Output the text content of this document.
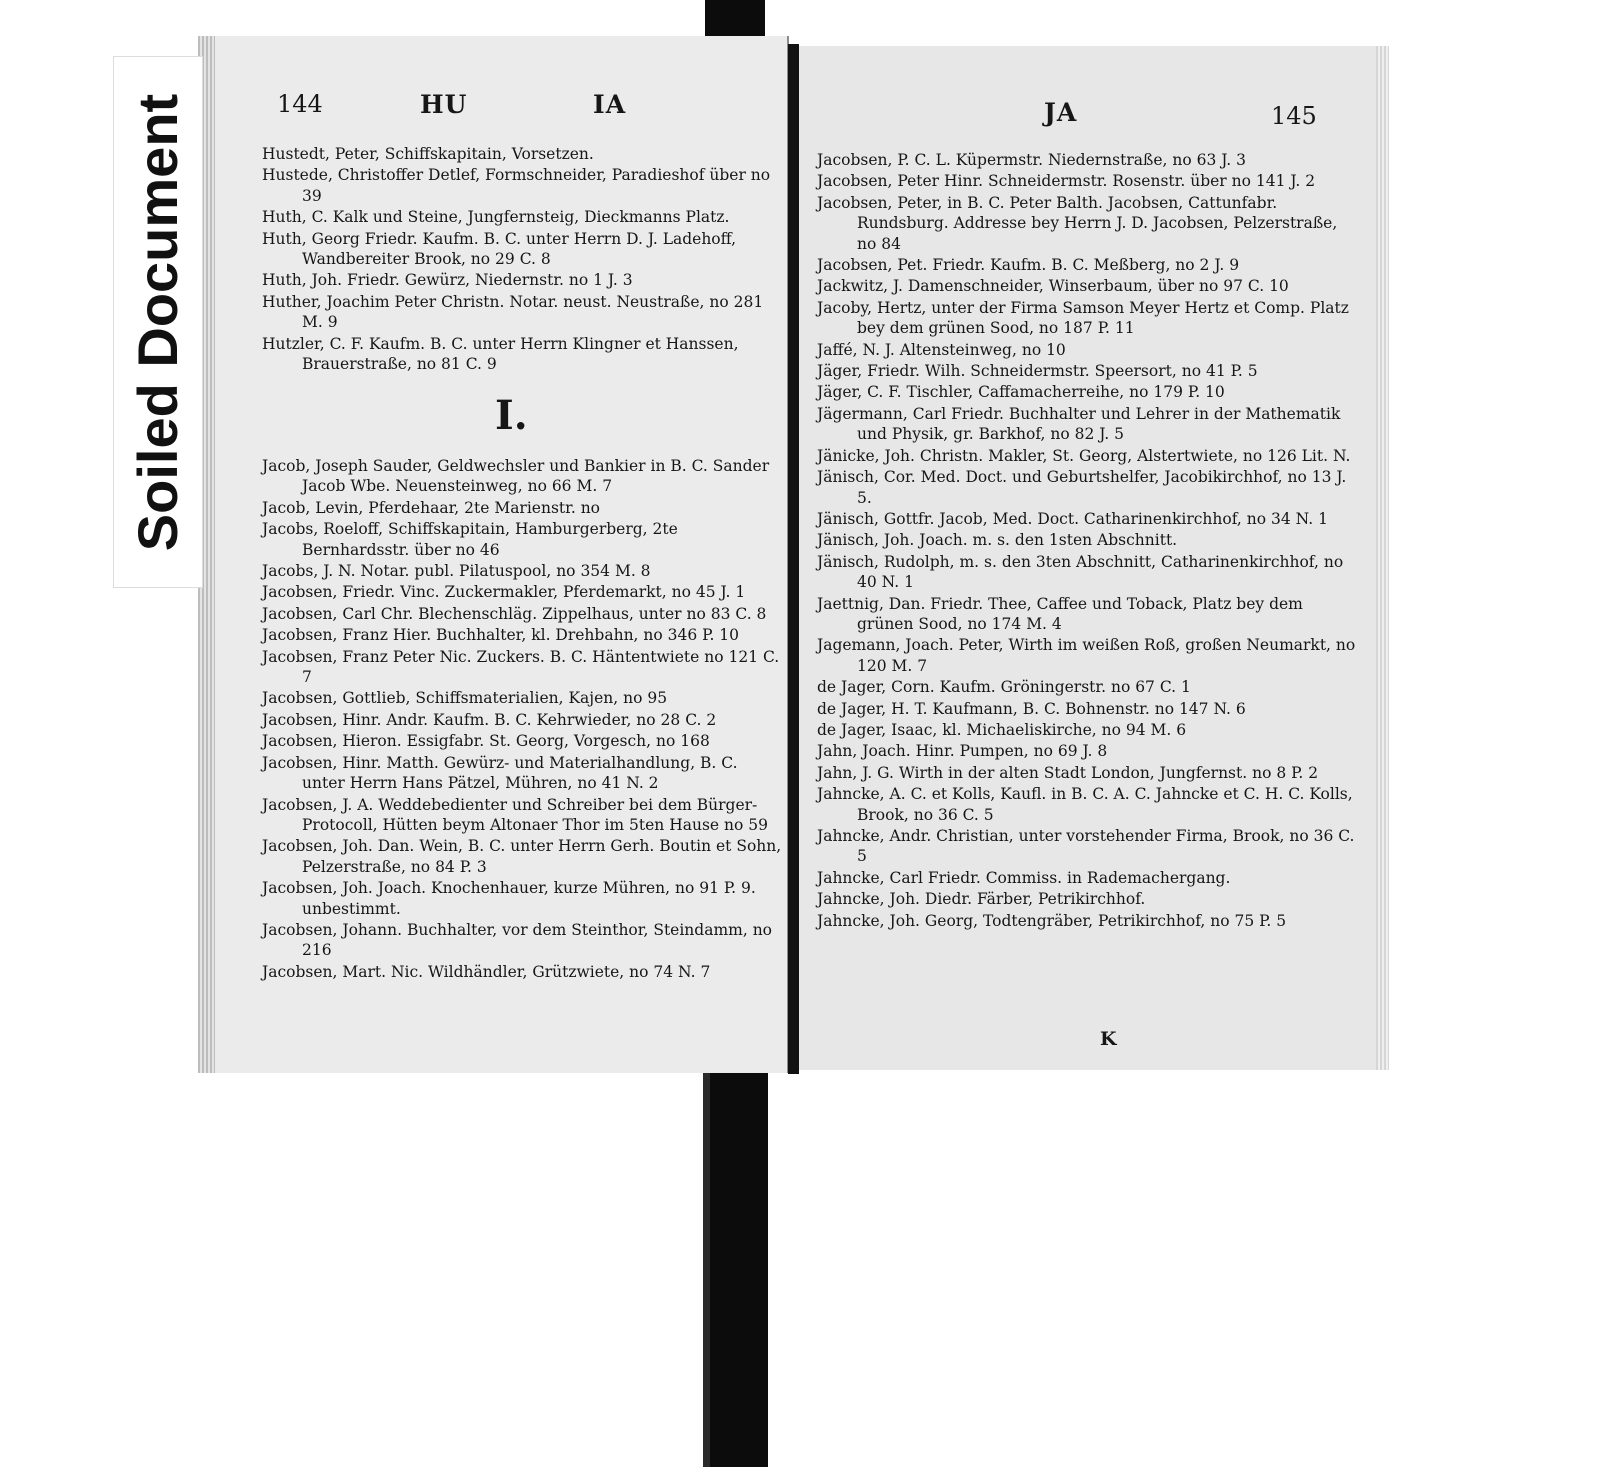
144	HU	IA
Hustedt, Peter, Schiffskapitain, Vorsetzen.
Hustede, Christoffer Detlef, Formschneider, Paradieshof über no 39
Huth, C. Kalk und Steine, Jungfernsteig, Dieckmanns Platz.
Huth, Georg Friedr. Kaufm. B. C. unter Herrn D. J. Ladehoff, Wandbereiter Brook, no 29 C. 8
Huth, Joh. Friedr. Gewürz, Niedernstr. no 1 J. 3
Huther, Joachim Peter Christn. Notar. neust. Neustraße, no 281 M. 9
Hutzler, C. F. Kaufm. B. C. unter Herrn Klingner et Hanssen, Brauerstraße, no 81 C. 9
I.
Jacob, Joseph Sauder, Geldwechsler und Bankier in B. C. Sander Jacob Wbe. Neuensteinweg, no 66 M. 7
Jacob, Levin, Pferdehaar, 2te Marienstr. no
Jacobs, Roeloff, Schiffskapitain, Hamburgerberg, 2te Bernhardsstr. über no 46
Jacobs, J. N. Notar. publ. Pilatuspool, no 354 M. 8
Jacobsen, Friedr. Vinc. Zuckermakler, Pferdemarkt, no 45 J. 1
Jacobsen, Carl Chr. Blechenschläg. Zippelhaus, unter no 83 C. 8
Jacobsen, Franz Hier. Buchhalter, kl. Drehbahn, no 346 P. 10
Jacobsen, Franz Peter Nic. Zuckers. B. C. Häntentwiete no 121 C. 7
Jacobsen, Gottlieb, Schiffsmaterialien, Kajen, no 95
Jacobsen, Hinr. Andr. Kaufm. B. C. Kehrwieder, no 28 C. 2
Jacobsen, Hieron. Essigfabr. St. Georg, Vorgesch, no 168
Jacobsen, Hinr. Matth. Gewürz- und Materialhandlung, B. C. unter Herrn Hans Pätzel, Mühren, no 41 N. 2
Jacobsen, J. A. Weddebedienter und Schreiber bei dem Bürger-Protocoll, Hütten beym Altonaer Thor im 5ten Hause no 59
Jacobsen, Joh. Dan. Wein, B. C. unter Herrn Gerh. Boutin et Sohn, Pelzerstraße, no 84 P. 3
Jacobsen, Joh. Joach. Knochenhauer, kurze Mühren, no 91 P. 9. unbestimmt.
Jacobsen, Johann. Buchhalter, vor dem Steinthor, Steindamm, no 216
Jacobsen, Mart. Nic. Wildhändler, Grützwiete, no 74 N. 7
JA	145
Jacobsen, P. C. L. Küpermstr. Niedernstraße, no 63 J. 3
Jacobsen, Peter Hinr. Schneidermstr. Rosenstr. über no 141 J. 2
Jacobsen, Peter, in B. C. Peter Balth. Jacobsen, Cattunfabr. Rundsburg. Addresse bey Herrn J. D. Jacobsen, Pelzerstraße, no 84
Jacobsen, Pet. Friedr. Kaufm. B. C. Meßberg, no 2 J. 9
Jackwitz, J. Damenschneider, Winserbaum, über no 97 C. 10
Jacoby, Hertz, unter der Firma Samson Meyer Hertz et Comp. Platz bey dem grünen Sood, no 187 P. 11
Jaffé, N. J. Altensteinweg, no 10
Jäger, Friedr. Wilh. Schneidermstr. Speersort, no 41 P. 5
Jäger, C. F. Tischler, Caffamacherreihe, no 179 P. 10
Jägermann, Carl Friedr. Buchhalter und Lehrer in der Mathematik und Physik, gr. Barkhof, no 82 J. 5
Jänicke, Joh. Christn. Makler, St. Georg, Alstertwiete, no 126 Lit. N.
Jänisch, Cor. Med. Doct. und Geburtshelfer, Jacobikirchhof, no 13 J. 5.
Jänisch, Gottfr. Jacob, Med. Doct. Catharinenkirchhof, no 34 N. 1
Jänisch, Joh. Joach. m. s. den 1sten Abschnitt.
Jänisch, Rudolph, m. s. den 3ten Abschnitt, Catharinenkirchhof, no 40 N. 1
Jaettnig, Dan. Friedr. Thee, Caffee und Toback, Platz bey dem grünen Sood, no 174 M. 4
Jagemann, Joach. Peter, Wirth im weißen Roß, großen Neumarkt, no 120 M. 7
de Jager, Corn. Kaufm. Gröningerstr. no 67 C. 1
de Jager, H. T. Kaufmann, B. C. Bohnenstr. no 147 N. 6
de Jager, Isaac, kl. Michaeliskirche, no 94 M. 6
Jahn, Joach. Hinr. Pumpen, no 69 J. 8
Jahn, J. G. Wirth in der alten Stadt London, Jungfernst. no 8 P. 2
Jahncke, A. C. et Kolls, Kaufl. in B. C. A. C. Jahncke et C. H. C. Kolls, Brook, no 36 C. 5
Jahncke, Andr. Christian, unter vorstehender Firma, Brook, no 36 C. 5
Jahncke, Carl Friedr. Commiss. in Rademachergang.
Jahncke, Joh. Diedr. Färber, Petrikirchhof.
Jahncke, Joh. Georg, Todtengräber, Petrikirchhof, no 75 P. 5
K
Soiled Document
